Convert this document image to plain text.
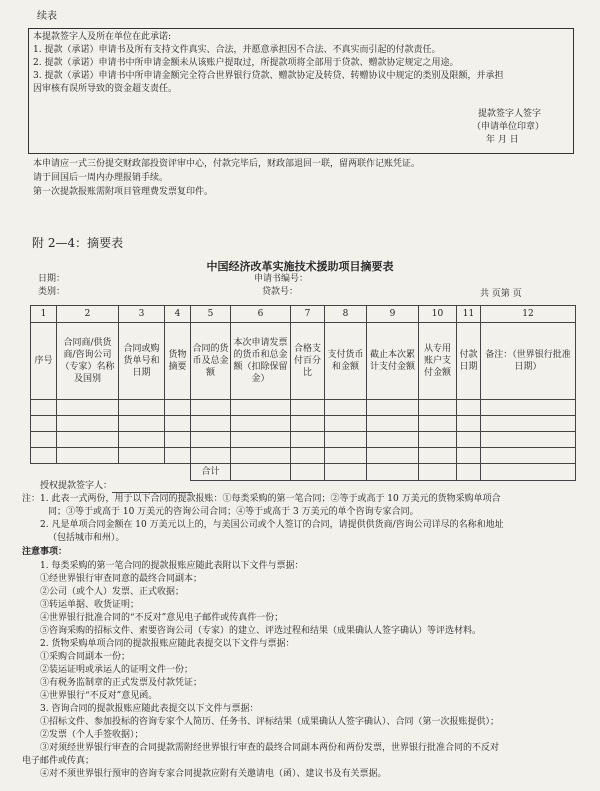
续表
本提款签字人及所在单位在此承诺:
1. 提款（承诺）申请书及所有支持文件真实、合法，并愿意承担因不合法、不真实而引起的付款责任。
2. 提款（承诺）申请书中所申请金额未从该账户提取过，所提款项将全部用于贷款、赠款协定规定之用途。
3. 提款（承诺）申请书中所申请金额完全符合世界银行贷款、赠款协定及转贷、转赠协议中规定的类别及限额，并承担
因审核有误所导致的资金超支责任。
提款签字人签字
（申请单位印章）
年 月 日
本申请应一式三份提交财政部投资评审中心，付款完毕后，财政部退回一联，留两联作记账凭证。
请于回国后一周内办理报销手续。
第一次提款报账需附项目管理费发票复印件。
附 2—4：摘要表
中国经济改革实施技术援助项目摘要表
日期：
类别：
申请书编号：
贷款号：	共 页第 页
1	2	3	4	5	6	7	8	9	10	11	12
序号	合同商/供货商/咨询公司（专家）名称及国别	合同或购货单号和日期	货物摘要	合同的货币及总金额	本次申请发票的货币和总金额（扣除保留金）	合格支付百分比	支付货币和金额	截止本次累计支付金额	从专用账户支付金额	付款日期	备注：（世界银行批准日期）

				合计							
授权提款签字人：
注： 1. 此表一式两份，用于以下合同的提款报账：①每类采购的第一笔合同；②等于或高于 10 万美元的货物采购单项合
同；③等于或高于 10 万美元的咨询公司合同；④等于或高于 3 万美元的单个咨询专家合同。
2. 凡是单项合同金额在 10 万美元以上的，与美国公司或个人签订的合同，请提供供货商/咨询公司详尽的名称和地址
（包括城市和州）。
注意事项：
1. 每类采购的第一笔合同的提款报账应随此表附以下文件与票据：
①经世界银行审查同意的最终合同副本；
②公司（或个人）发票、正式收据；
③转运单据、收货证明；
④世界银行批准合同的“不反对”意见电子邮件或传真件一份；
⑤咨询采购的招标文件、索要咨询公司（专家）的建立、评选过程和结果（成果确认人签字确认）等评选材料。
2. 货物采购单项合同的提款报账应随此表提交以下文件与票据：
①采购合同副本一份；
②装运证明或承运人的证明文件一份；
③有税务监制章的正式发票及付款凭证；
④世界银行“不反对”意见函。
3. 咨询合同的提款报账应随此表提交以下文件与票据：
①招标文件、参加投标的咨询专家个人简历、任务书、评标结果（成果确认人签字确认）、合同（第一次报账提供）；
②发票（个人手签收据）；
③对须经世界银行审查的合同提款需附经世界银行审查的最终合同副本两份和两份发票，世界银行批准合同的不反对
电子邮件或传真；
④对不须世界银行预审的咨询专家合同提款应附有关邀请电（函）、建议书及有关票据。
